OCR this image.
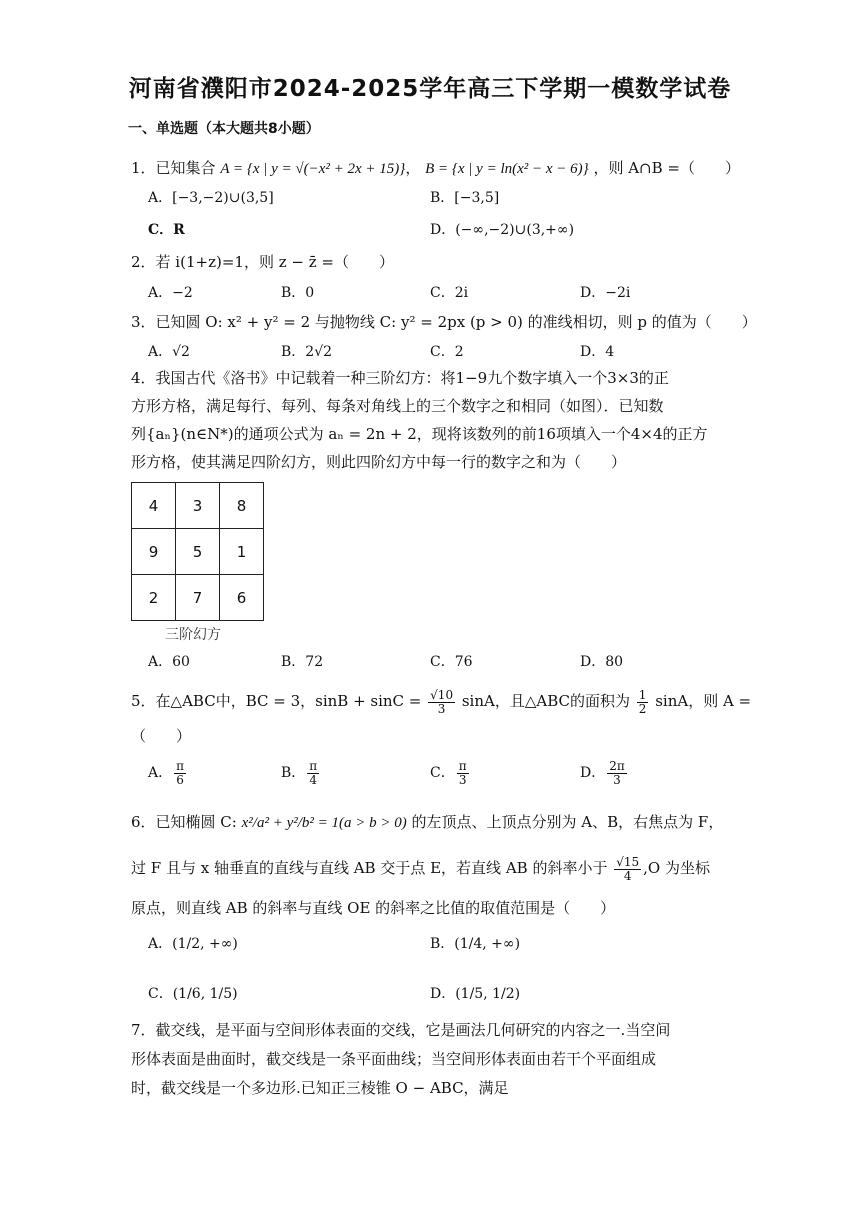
河南省濮阳市2024-2025学年高三下学期一模数学试卷
一、单选题（本大题共8小题）
1．已知集合 A = {x | y = √(−x² + 2x + 15)}， B = {x | y = ln(x² − x − 6)} ，则 A∩B =（　　）
A．[−3,−2)∪(3,5]	B．[−3,5]
C．R	D．(−∞,−2)∪(3,+∞)
2．若 i(1+z)=1，则 z − z̄ =（　　）
A．−2	B．0	C．2i	D．−2i
3．已知圆 O: x² + y² = 2 与抛物线 C: y² = 2px (p > 0) 的准线相切，则 p 的值为（　　）
A．√2	B．2√2	C．2	D．4
4．我国古代《洛书》中记载着一种三阶幻方：将1−9九个数字填入一个3×3的正
方形方格，满足每行、每列、每条对角线上的三个数字之和相同（如图）．已知数
列{aₙ}(n∈N*)的通项公式为 aₙ = 2n + 2，现将该数列的前16项填入一个4×4的正方
形方格，使其满足四阶幻方，则此四阶幻方中每一行的数字之和为（　　）
4	3	8
9	5	1
2	7	6
三阶幻方
A．60	B．72	C．76	D．80
5．在△ABC中，BC = 3，$\sin B + \sin C = \frac{√10}{3}$ sinA，且△ABC的面积为 $\frac{1}{2}$ sinA，则 A =
（　　）
A． $\frac{\pi}{6}$	B． $\frac{\pi}{4}$	C． $\frac{\pi}{3}$	D． $\frac{2\pi}{3}$
6．已知椭圆 C: x²/a² + y²/b² = 1(a > b > 0) 的左顶点、上顶点分别为 A、B，右焦点为 F，
过 F 且与 x 轴垂直的直线与直线 AB 交于点 E，若直线 AB 的斜率小于 $\frac{√15}{4} ,O$ 为坐标
原点，则直线 AB 的斜率与直线 OE 的斜率之比值的取值范围是（　　）
A．(1/2, +∞)	B．(1/4, +∞)
C．(1/6, 1/5)	D．(1/5, 1/2)
7．截交线，是平面与空间形体表面的交线，它是画法几何研究的内容之一.当空间
形体表面是曲面时，截交线是一条平面曲线；当空间形体表面由若干个平面组成
时，截交线是一个多边形.已知正三棱锥 O − ABC，满足
